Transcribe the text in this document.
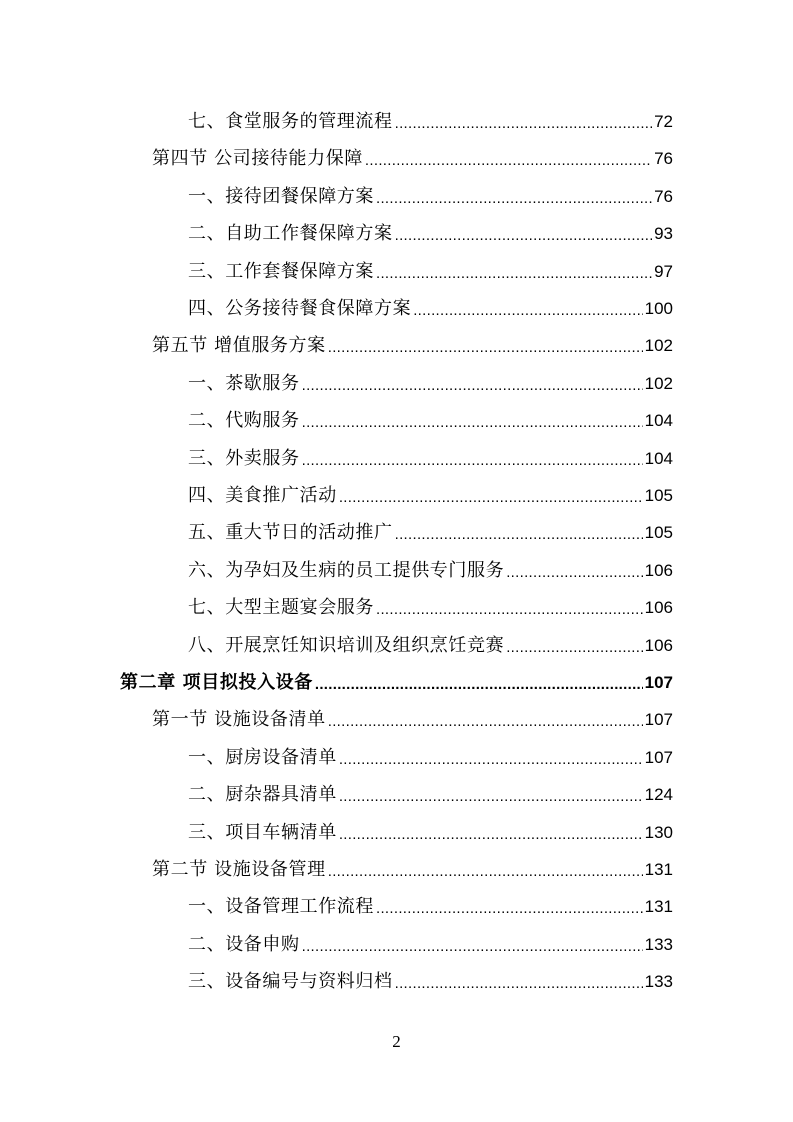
七、食堂服务的管理流程 .....	72
第四节 公司接待能力保障 .....	76
一、接待团餐保障方案 .....	76
二、自助工作餐保障方案 .....	93
三、工作套餐保障方案 .....	97
四、公务接待餐食保障方案 .....	100
第五节 增值服务方案 .....	102
一、茶歇服务 .....	102
二、代购服务 .....	104
三、外卖服务 .....	104
四、美食推广活动 .....	105
五、重大节日的活动推广 .....	105
六、为孕妇及生病的员工提供专门服务 .....	106
七、大型主题宴会服务 .....	106
八、开展烹饪知识培训及组织烹饪竞赛 .....	106
第二章 项目拟投入设备 .....	107
第一节 设施设备清单 .....	107
一、厨房设备清单 .....	107
二、厨杂器具清单 .....	124
三、项目车辆清单 .....	130
第二节 设施设备管理 .....	131
一、设备管理工作流程 .....	131
二、设备申购 .....	133
三、设备编号与资料归档 .....	133
2
